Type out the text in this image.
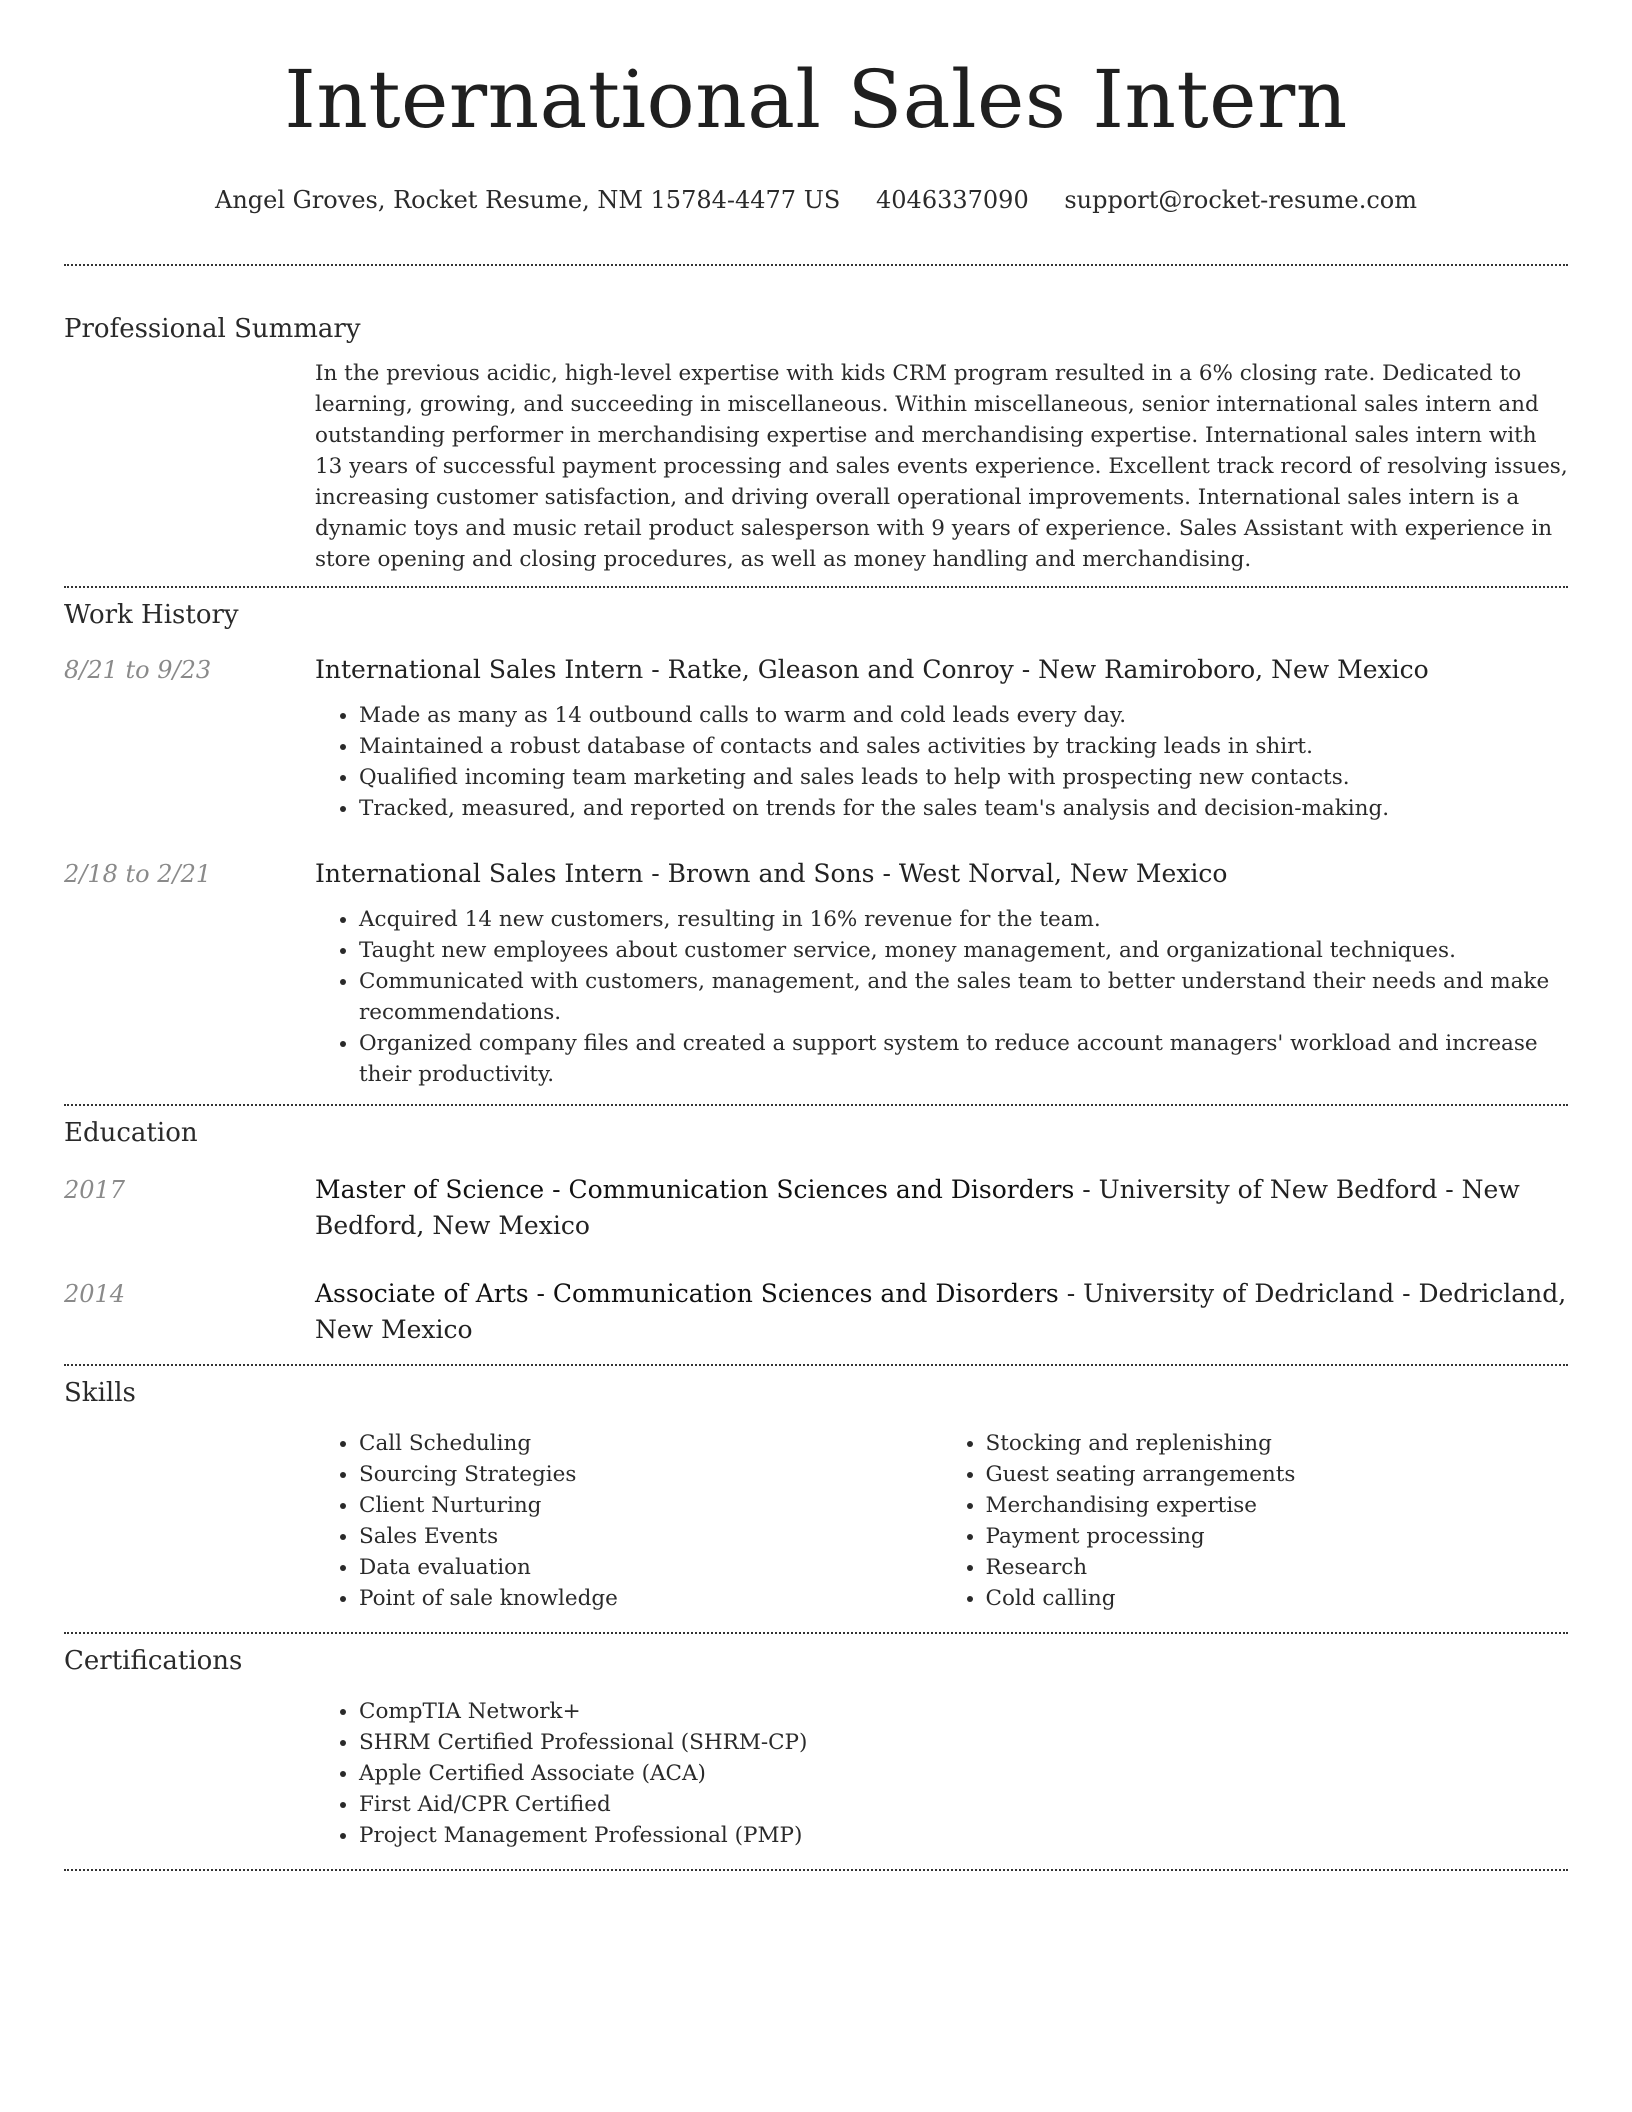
International Sales Intern
Angel Groves, Rocket Resume, NM 15784-4477 US 4046337090 support@rocket-resume.com
Professional Summary

In the previous acidic, high-level expertise with kids CRM program resulted in a 6% closing rate. Dedicated to learning, growing, and succeeding in miscellaneous. Within miscellaneous, senior international sales intern and outstanding performer in merchandising expertise and merchandising expertise. International sales intern with 13 years of successful payment processing and sales events experience. Excellent track record of resolving issues, increasing customer satisfaction, and driving overall operational improvements. International sales intern is a dynamic toys and music retail product salesperson with 9 years of experience. Sales Assistant with experience in store opening and closing procedures, as well as money handling and merchandising.

Work History
8/21 to 9/23	International Sales Intern - Ratke, Gleason and Conroy - New Ramiroboro, New Mexico
• Made as many as 14 outbound calls to warm and cold leads every day.
• Maintained a robust database of contacts and sales activities by tracking leads in shirt.
• Qualified incoming team marketing and sales leads to help with prospecting new contacts.
• Tracked, measured, and reported on trends for the sales team's analysis and decision-making.
2/18 to 2/21	International Sales Intern - Brown and Sons - West Norval, New Mexico
• Acquired 14 new customers, resulting in 16% revenue for the team.
• Taught new employees about customer service, money management, and organizational techniques.
• Communicated with customers, management, and the sales team to better understand their needs and make recommendations.
• Organized company files and created a support system to reduce account managers' workload and increase their productivity.
Education
2017	Master of Science - Communication Sciences and Disorders - University of New Bedford - New Bedford, New Mexico
2014	Associate of Arts - Communication Sciences and Disorders - University of Dedricland - Dedricland, New Mexico
Skills
• Call Scheduling
• Sourcing Strategies
• Client Nurturing
• Sales Events
• Data evaluation
• Point of sale knowledge
• Stocking and replenishing
• Guest seating arrangements
• Merchandising expertise
• Payment processing
• Research
• Cold calling
Certifications
• CompTIA Network+
• SHRM Certified Professional (SHRM-CP)
• Apple Certified Associate (ACA)
• First Aid/CPR Certified
• Project Management Professional (PMP)
